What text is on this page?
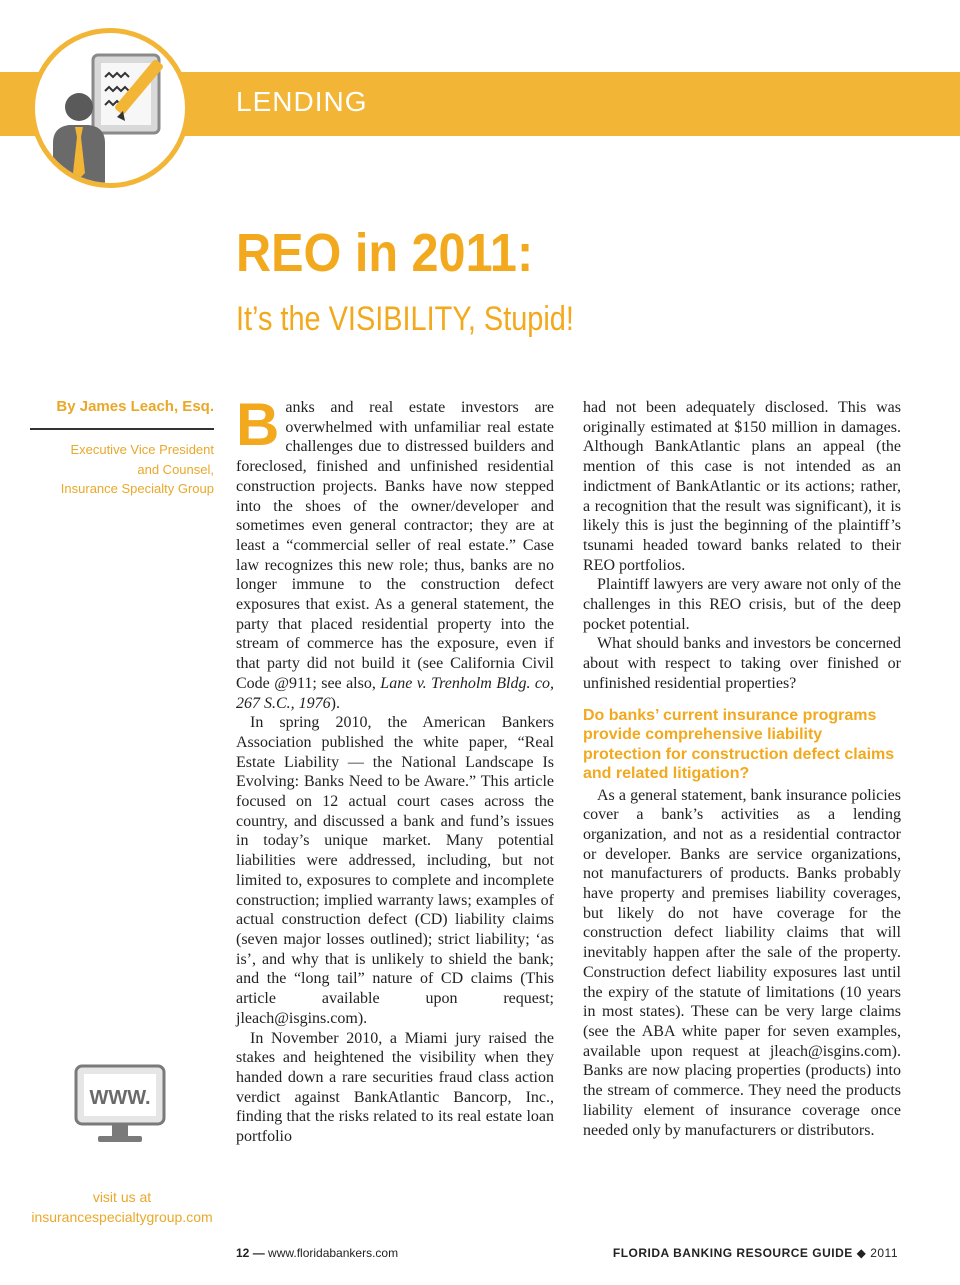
LENDING
REO in 2011:
It’s the VISIBILITY, Stupid!
By James Leach, Esq.
Executive Vice President
and Counsel,
Insurance Specialty Group

Banks and real estate investors are overwhelmed with unfamiliar real estate challenges due to distressed builders and foreclosed, finished and unfinished residential construction projects. Banks have now stepped into the shoes of the owner/developer and sometimes even general contractor; they are at least a “commercial seller of real estate.” Case law recognizes this new role; thus, banks are no longer immune to the construction defect exposures that exist. As a general statement, the party that placed residential property into the stream of commerce has the exposure, even if that party did not build it (see California Civil Code @911; see also, Lane v. Trenholm Bldg. co, 267 S.C., 1976).

In spring 2010, the American Bankers Association published the white paper, “Real Estate Liability — the National Landscape Is Evolving: Banks Need to be Aware.” This article focused on 12 actual court cases across the country, and discussed a bank and fund’s issues in today’s unique market. Many potential liabilities were addressed, including, but not limited to, exposures to complete and incomplete construction; implied warranty laws; examples of actual construction defect (CD) liability claims (seven major losses outlined); strict liability; ‘as is’, and why that is unlikely to shield the bank; and the “long tail” nature of CD claims (This article available upon request; jleach@isgins.com).

In November 2010, a Miami jury raised the stakes and heightened the visibility when they handed down a rare securities fraud class action verdict against BankAtlantic Bancorp, Inc., finding that the risks related to its real estate loan portfolio

had not been adequately disclosed. This was originally estimated at $150 million in damages. Although BankAtlantic plans an appeal (the mention of this case is not intended as an indictment of BankAtlantic or its actions; rather, a recognition that the result was significant), it is likely this is just the beginning of the plaintiff’s tsunami headed toward banks related to their REO portfolios.

Plaintiff lawyers are very aware not only of the challenges in this REO crisis, but of the deep pocket potential.

What should banks and investors be concerned about with respect to taking over finished or unfinished residential properties?

Do banks’ current insurance programs provide comprehensive liability protection for construction defect claims and related litigation?

As a general statement, bank insurance policies cover a bank’s activities as a lending organization, and not as a residential contractor or developer. Banks are service organizations, not manufacturers of products. Banks probably have property and premises liability coverages, but likely do not have coverage for the construction defect liability claims that will inevitably happen after the sale of the property. Construction defect liability exposures last until the expiry of the statute of limitations (10 years in most states). These can be very large claims (see the ABA white paper for seven examples, available upon request at jleach@isgins.com). Banks are now placing properties (products) into the stream of commerce. They need the products liability element of insurance coverage once needed only by manufacturers or distributors.

WWW.
visit us at
insurancespecialtygroup.com
12 — www.floridabankers.com	FLORIDA BANKING RESOURCE GUIDE ◆ 2011
